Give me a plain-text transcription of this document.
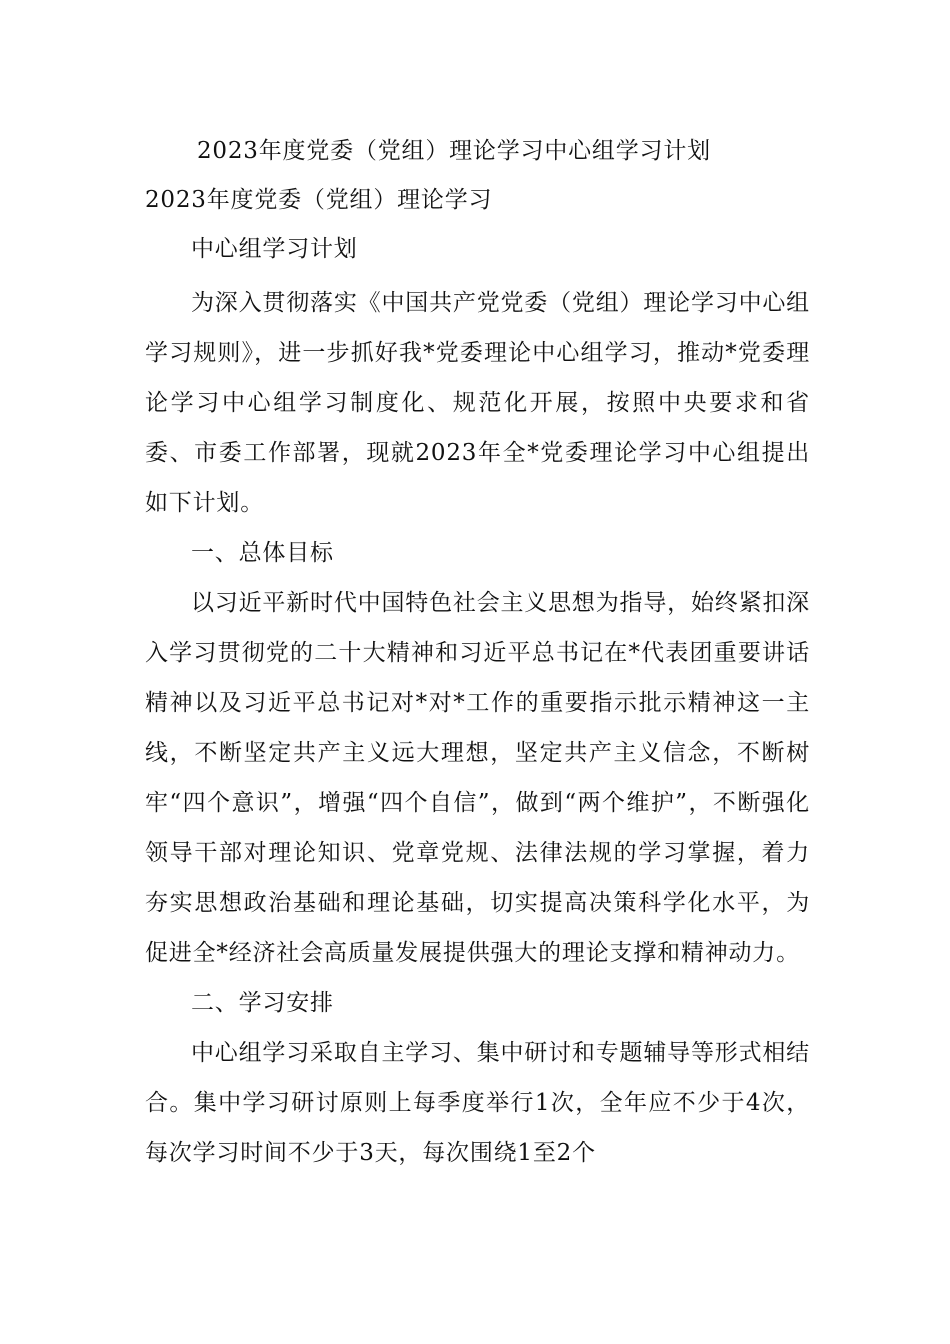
2023年度党委（党组）理论学习中心组学习计划
2023年度党委（党组）理论学习
中心组学习计划

为深入贯彻落实《中国共产党党委（党组）理论学习中心组学习规则》，进一步抓好我*党委理论中心组学习，推动*党委理论学习中心组学习制度化、规范化开展，按照中央要求和省委、市委工作部署，现就2023年全*党委理论学习中心组提出如下计划。

一、总体目标

以习近平新时代中国特色社会主义思想为指导，始终紧扣深入学习贯彻党的二十大精神和习近平总书记在*代表团重要讲话精神以及习近平总书记对*对*工作的重要指示批示精神这一主线，不断坚定共产主义远大理想，坚定共产主义信念，不断树牢“四个意识”，增强“四个自信”，做到“两个维护”，不断强化领导干部对理论知识、党章党规、法律法规的学习掌握，着力夯实思想政治基础和理论基础，切实提高决策科学化水平，为促进全*经济社会高质量发展提供强大的理论支撑和精神动力。

二、学习安排

中心组学习采取自主学习、集中研讨和专题辅导等形式相结合。集中学习研讨原则上每季度举行1次，全年应不少于4次，每次学习时间不少于3天，每次围绕1至2个
